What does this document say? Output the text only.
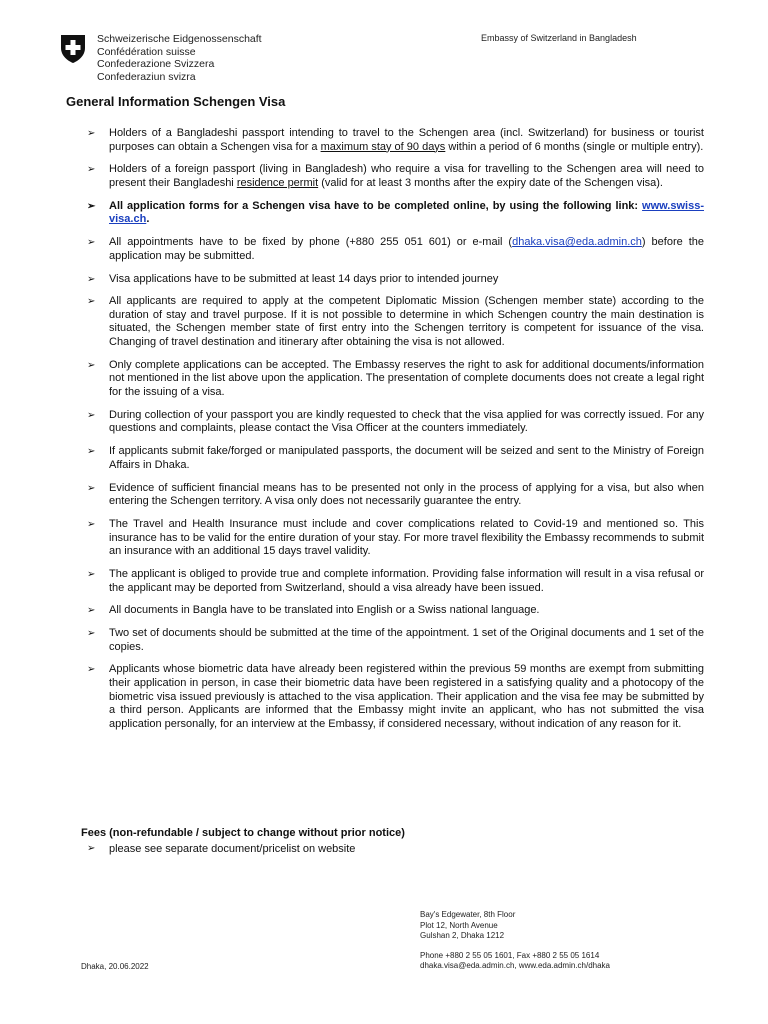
Schweizerische Eidgenossenschaft
Confédération suisse
Confederazione Svizzera
Confederaziun svizra
Embassy of Switzerland in Bangladesh
General Information Schengen Visa
➢ Holders of a Bangladeshi passport intending to travel to the Schengen area (incl. Switzerland) for business or tourist purposes can obtain a Schengen visa for a maximum stay of 90 days within a period of 6 months (single or multiple entry).
➢ Holders of a foreign passport (living in Bangladesh) who require a visa for travelling to the Schengen area will need to present their Bangladeshi residence permit (valid for at least 3 months after the expiry date of the Schengen visa).
➢ All application forms for a Schengen visa have to be completed online, by using the following link: www.swiss-visa.ch.
➢ All appointments have to be fixed by phone (+880 255 051 601) or e-mail (dhaka.visa@eda.admin.ch) before the application may be submitted.
➢ Visa applications have to be submitted at least 14 days prior to intended journey
➢ All applicants are required to apply at the competent Diplomatic Mission (Schengen member state) according to the duration of stay and travel purpose. If it is not possible to determine in which Schengen country the main destination is situated, the Schengen member state of first entry into the Schengen territory is competent for issuance of the visa. Changing of travel destination and itinerary after obtaining the visa is not allowed.
➢ Only complete applications can be accepted. The Embassy reserves the right to ask for additional documents/information not mentioned in the list above upon the application. The presentation of complete documents does not create a legal right for the issuing of a visa.
➢ During collection of your passport you are kindly requested to check that the visa applied for was correctly issued. For any questions and complaints, please contact the Visa Officer at the counters immediately.
➢ If applicants submit fake/forged or manipulated passports, the document will be seized and sent to the Ministry of Foreign Affairs in Dhaka.
➢ Evidence of sufficient financial means has to be presented not only in the process of applying for a visa, but also when entering the Schengen territory. A visa only does not necessarily guarantee the entry.
➢ The Travel and Health Insurance must include and cover complications related to Covid-19 and mentioned so. This insurance has to be valid for the entire duration of your stay. For more travel flexibility the Embassy recommends to submit an insurance with an additional 15 days travel validity.
➢ The applicant is obliged to provide true and complete information. Providing false information will result in a visa refusal or the applicant may be deported from Switzerland, should a visa already have been issued.
➢ All documents in Bangla have to be translated into English or a Swiss national language.
➢ Two set of documents should be submitted at the time of the appointment. 1 set of the Original documents and 1 set of the copies.
➢ Applicants whose biometric data have already been registered within the previous 59 months are exempt from submitting their application in person, in case their biometric data have been registered in a satisfying quality and a photocopy of the biometric visa issued previously is attached to the visa application. Their application and the visa fee may be submitted by a third person. Applicants are informed that the Embassy might invite an applicant, who has not submitted the visa application personally, for an interview at the Embassy, if considered necessary, without indication of any reason for it.
Fees (non-refundable / subject to change without prior notice)
➢ please see separate document/pricelist on website
Bay's Edgewater, 8th Floor
Plot 12, North Avenue
Gulshan 2, Dhaka 1212
Phone +880 2 55 05 1601, Fax +880 2 55 05 1614
dhaka.visa@eda.admin.ch, www.eda.admin.ch/dhaka
Dhaka, 20.06.2022
